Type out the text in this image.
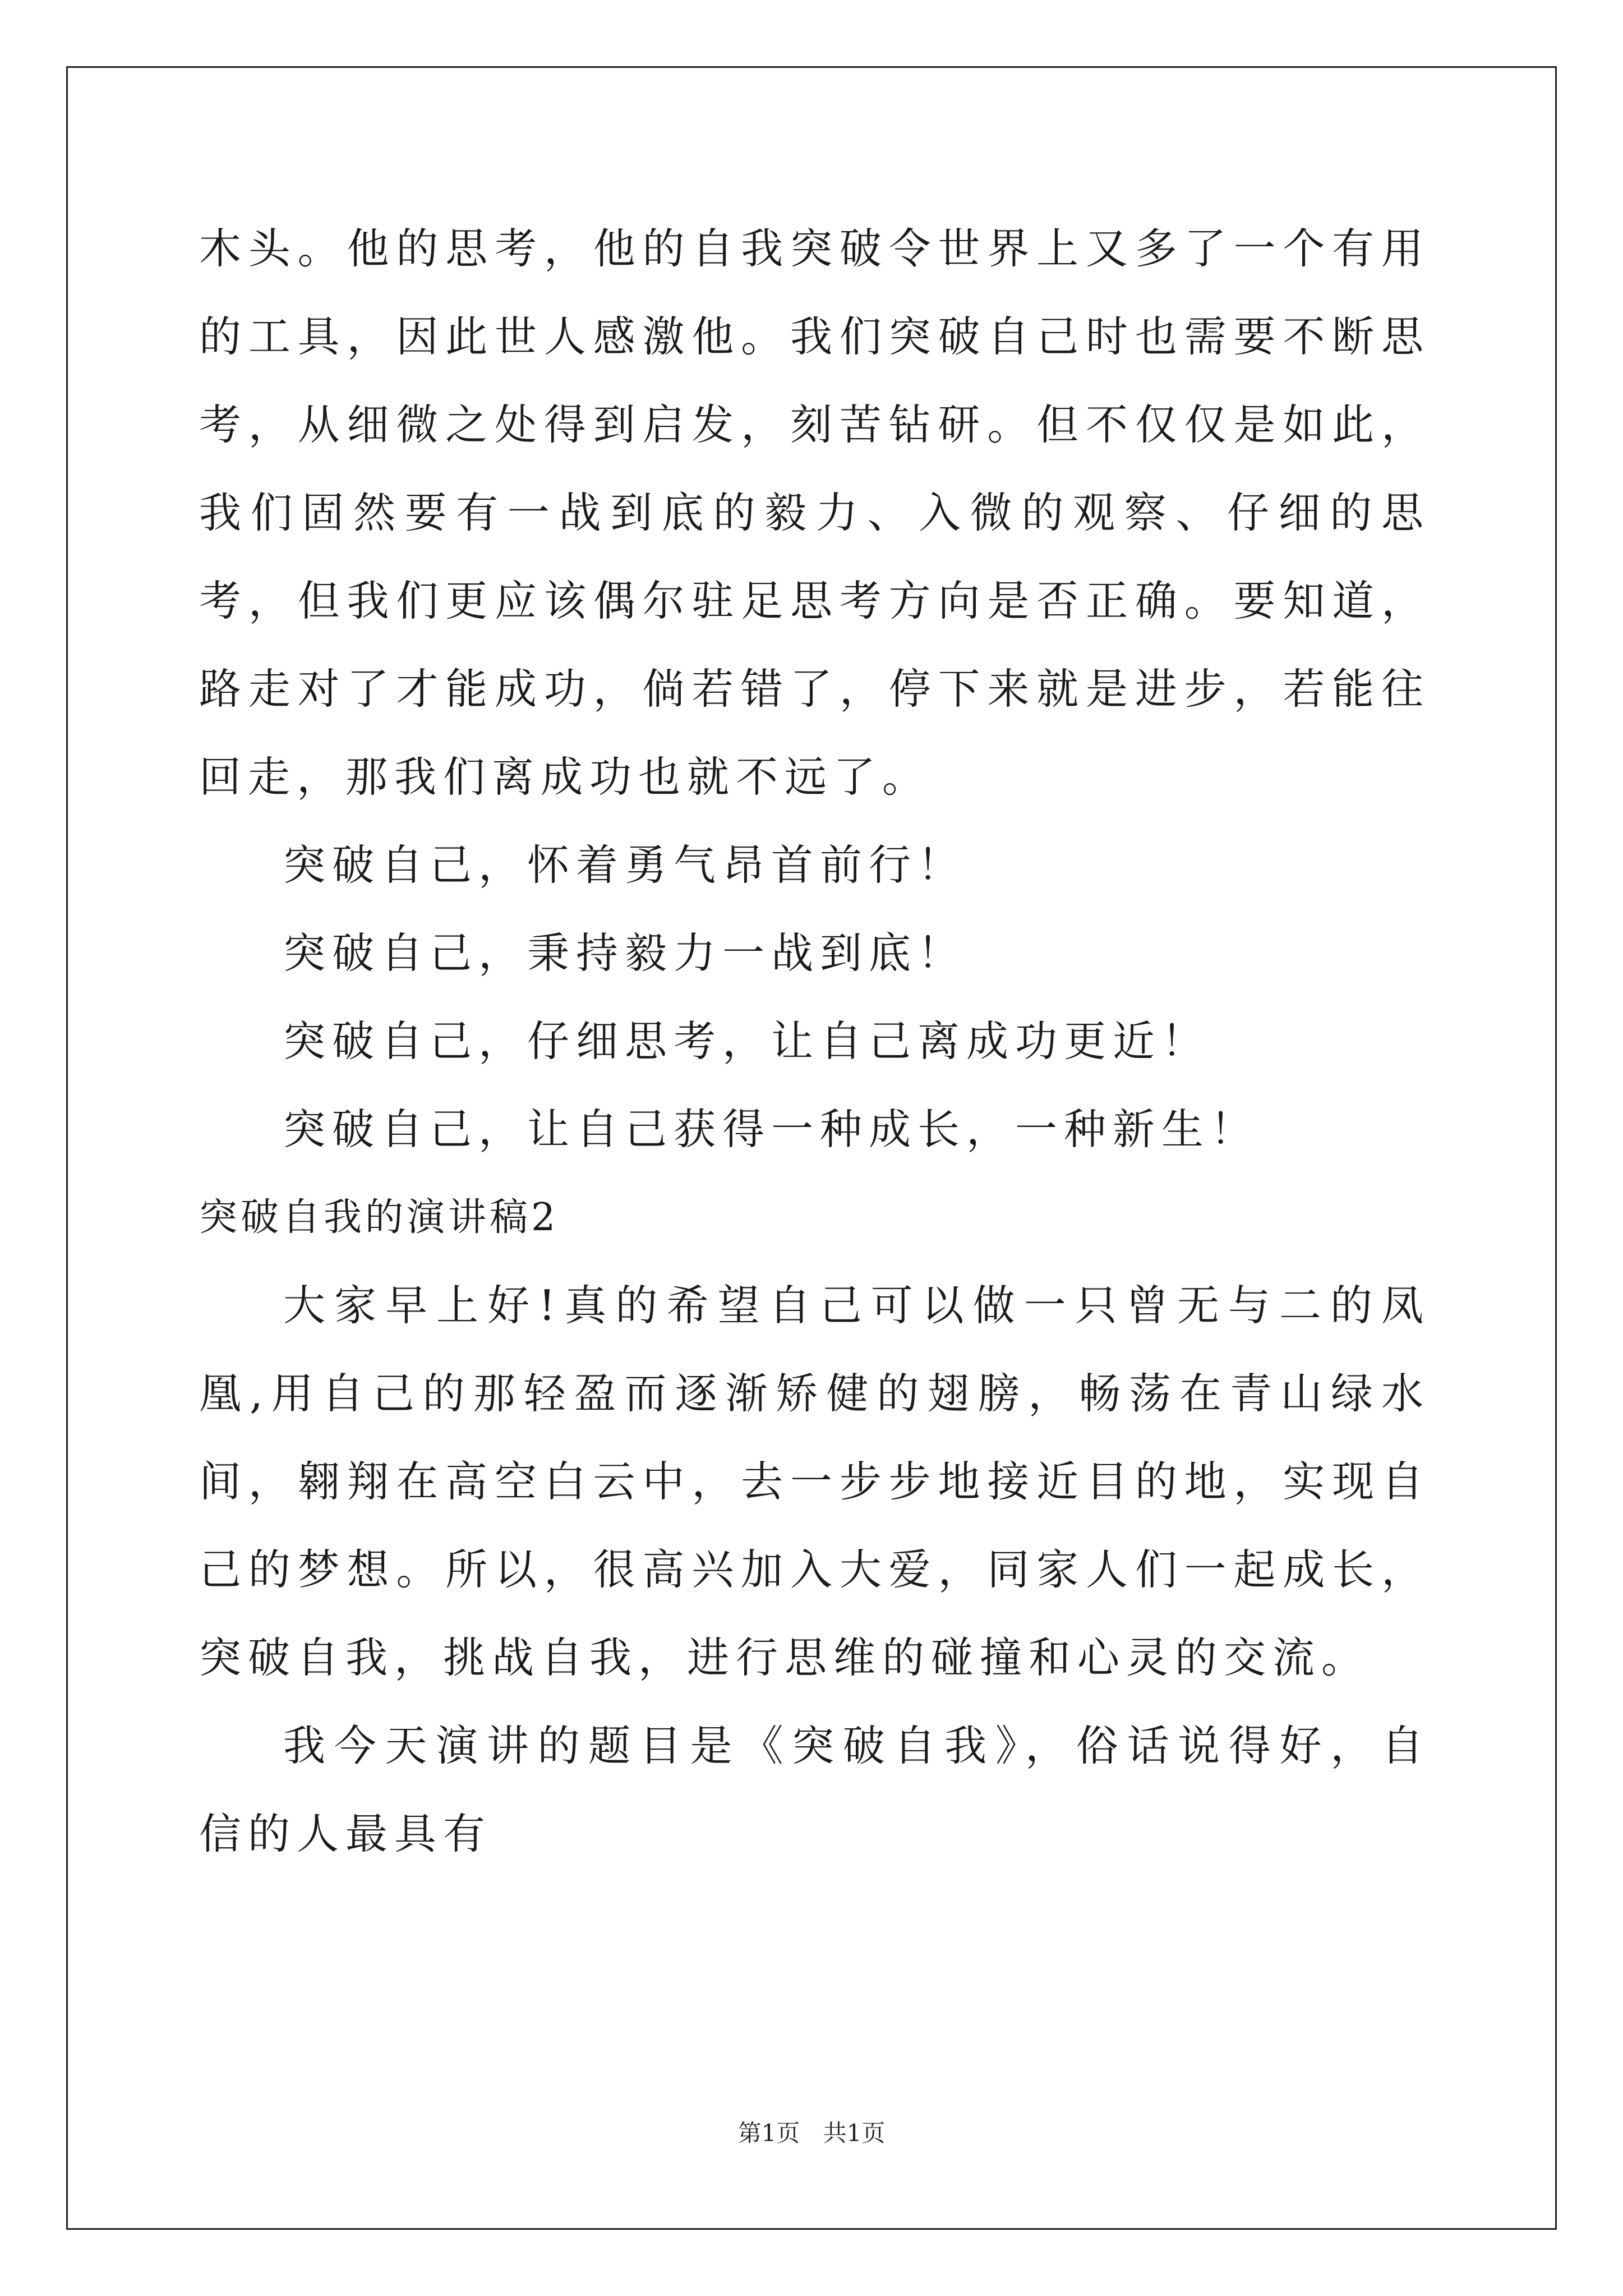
木头。他的思考，他的自我突破令世界上又多了一个有用的工具，因此世人感激他。我们突破自己时也需要不断思考，从细微之处得到启发，刻苦钻研。但不仅仅是如此，我们固然要有一战到底的毅力、入微的观察、仔细的思考，但我们更应该偶尔驻足思考方向是否正确。要知道，路走对了才能成功，倘若错了，停下来就是进步，若能往回走，那我们离成功也就不远了。

突破自己，怀着勇气昂首前行！

突破自己，秉持毅力一战到底！

突破自己，仔细思考，让自己离成功更近！

突破自己，让自己获得一种成长，一种新生！

突破自我的演讲稿2

大家早上好!真的希望自己可以做一只曾无与二的凤凰,用自己的那轻盈而逐渐矫健的翅膀，畅荡在青山绿水间，翱翔在高空白云中，去一步步地接近目的地，实现自己的梦想。所以，很高兴加入大爱，同家人们一起成长，突破自我，挑战自我，进行思维的碰撞和心灵的交流。

我今天演讲的题目是《突破自我》，俗话说得好，自信的人最具有

第1页 共1页
